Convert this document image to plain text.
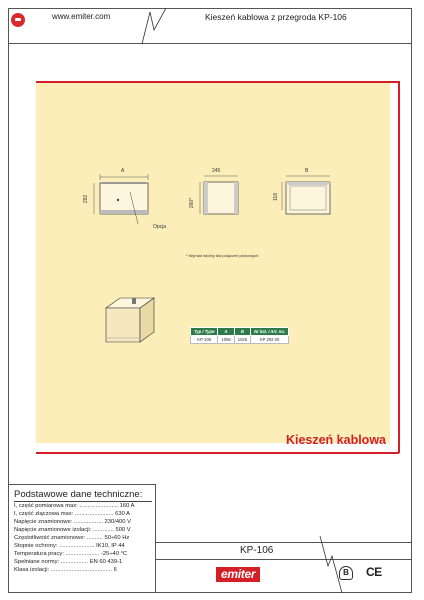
www.emiter.com	Kieszeń kablowa z przegroda KP-106
A
292
Opcja
245
260*
B
118
* Wymiar istotny dla połączeń pionowych
Typ / Type	A	B	Nr kat. / Art. no.
KP-106	1058	1026	KP 292 00
Kieszeń kablowa
Podstawowe dane techniczne:
I, część pomiarowa max: ........................ 160 A
I, część złączowa max: ........................ 630 A
Napięcie znamionowe: .................. 230/400 V
Napięcie znamionowe izolacji: ............. 500 V
Częstotliwość znamionowe: .......... 50÷60 Hz
Stopnie ochrony: ...................... IK10, IP 44
Temperatura pracy: ..................... -25÷40 °C
Spełniane normy: ................. EN 60 439-1
Klasa izolacji: ...................................... II
KP-106
emiter	B	CE
